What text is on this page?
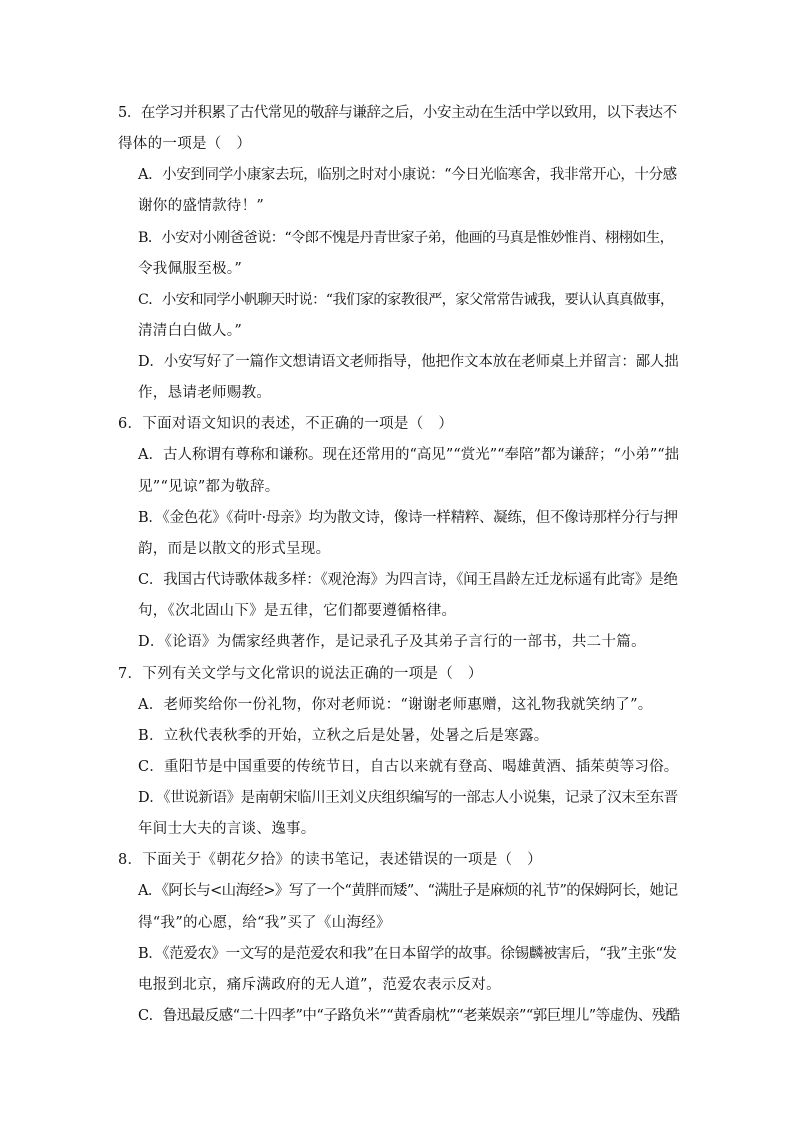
5．在学习并积累了古代常见的敬辞与谦辞之后，小安主动在生活中学以致用，以下表达不
得体的一项是（　）
A．小安到同学小康家去玩，临别之时对小康说：“今日光临寒舍，我非常开心，十分感
谢你的盛情款待！”
B．小安对小刚爸爸说：“令郎不愧是丹青世家子弟，他画的马真是惟妙惟肖、栩栩如生，
令我佩服至极。”
C．小安和同学小帆聊天时说：“我们家的家教很严，家父常常告诫我，要认认真真做事，
清清白白做人。”
D．小安写好了一篇作文想请语文老师指导，他把作文本放在老师桌上并留言：鄙人拙
作，恳请老师赐教。
6．下面对语文知识的表述，不正确的一项是（　）
A．古人称谓有尊称和谦称。现在还常用的“高见”“赏光”“奉陪”都为谦辞；“小弟”“拙
见”“见谅”都为敬辞。
B．《金色花》《荷叶·母亲》均为散文诗，像诗一样精粹、凝练，但不像诗那样分行与押
韵，而是以散文的形式呈现。
C．我国古代诗歌体裁多样：《观沧海》为四言诗，《闻王昌龄左迁龙标遥有此寄》是绝
句，《次北固山下》是五律，它们都要遵循格律。
D．《论语》为儒家经典著作，是记录孔子及其弟子言行的一部书，共二十篇。
7．下列有关文学与文化常识的说法正确的一项是（　）
A．老师奖给你一份礼物，你对老师说：“谢谢老师惠赠，这礼物我就笑纳了”。
B．立秋代表秋季的开始，立秋之后是处暑，处暑之后是寒露。
C．重阳节是中国重要的传统节日，自古以来就有登高、喝雄黄酒、插茱萸等习俗。
D．《世说新语》是南朝宋临川王刘义庆组织编写的一部志人小说集，记录了汉末至东晋
年间士大夫的言谈、逸事。
8．下面关于《朝花夕拾》的读书笔记，表述错误的一项是（　）
A．《阿长与<山海经>》写了一个“黄胖而矮”、“满肚子是麻烦的礼节”的保姆阿长，她记
得“我”的心愿，给“我”买了《山海经》
B．《范爱农》一文写的是范爱农和我”在日本留学的故事。徐锡麟被害后，“我”主张“发
电报到北京，痛斥满政府的无人道”，范爱农表示反对。
C．鲁迅最反感“二十四孝”中“子路负米”“黄香扇枕”“老莱娱亲”“郭巨埋儿”等虚伪、残酷
